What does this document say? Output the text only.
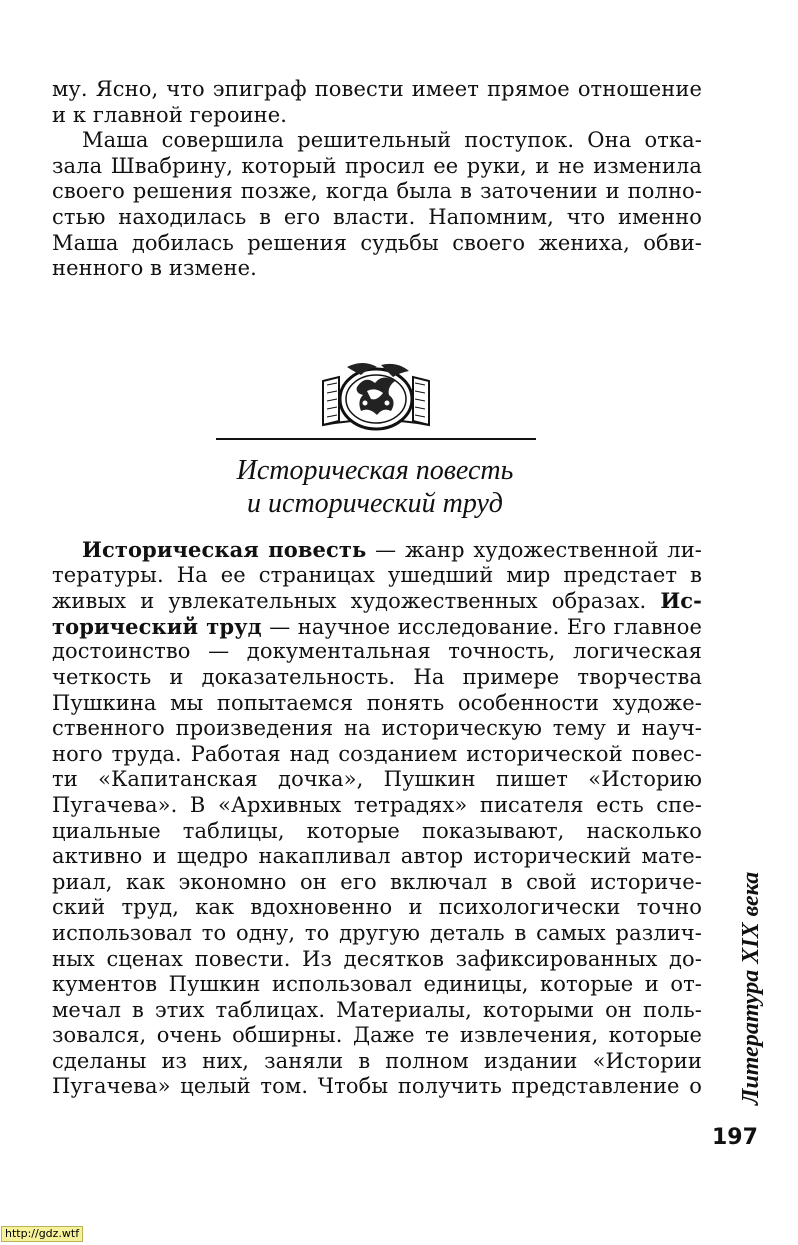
му. Ясно, что эпиграф повести имеет прямое отношение
и к главной героине.
Маша совершила решительный поступок. Она отка-
зала Швабрину, который просил ее руки, и не изменила
своего решения позже, когда была в заточении и полно-
стью находилась в его власти. Напомним, что именно
Маша добилась решения судьбы своего жениха, обви-
ненного в измене.
Историческая повесть
и исторический труд
Историческая повесть — жанр художественной ли-
тературы. На ее страницах ушедший мир предстает в
живых и увлекательных художественных образах. Ис-
торический труд — научное исследование. Его главное
достоинство — документальная точность, логическая
четкость и доказательность. На примере творчества
Пушкина мы попытаемся понять особенности художе-
ственного произведения на историческую тему и науч-
ного труда. Работая над созданием исторической повес-
ти «Капитанская дочка», Пушкин пишет «Историю
Пугачева». В «Архивных тетрадях» писателя есть спе-
циальные таблицы, которые показывают, насколько
активно и щедро накапливал автор исторический мате-
риал, как экономно он его включал в свой историче-
ский труд, как вдохновенно и психологически точно
использовал то одну, то другую деталь в самых различ-
ных сценах повести. Из десятков зафиксированных до-
кументов Пушкин использовал единицы, которые и от-
мечал в этих таблицах. Материалы, которыми он поль-
зовался, очень обширны. Даже те извлечения, которые
сделаны из них, заняли в полном издании «Истории
Пугачева» целый том. Чтобы получить представление о Литература XIX века
197
http://gdz.wtf
